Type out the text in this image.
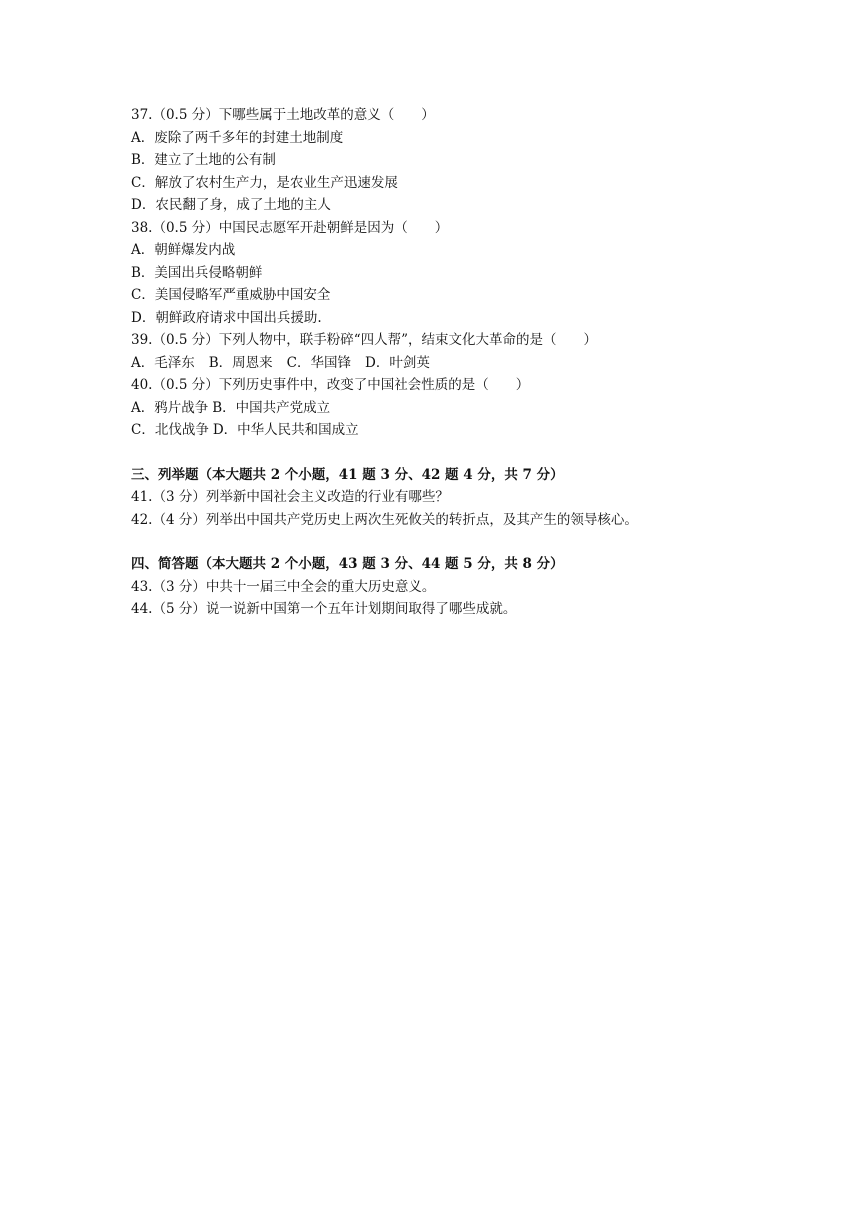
37.（0.5 分）下哪些属于土地改革的意义（　　）
A．废除了两千多年的封建土地制度
B．建立了土地的公有制
C．解放了农村生产力，是农业生产迅速发展
D．农民翻了身，成了土地的主人
38.（0.5 分）中国民志愿军开赴朝鲜是因为（　　）
A．朝鲜爆发内战
B．美国出兵侵略朝鲜
C．美国侵略军严重威胁中国安全
D．朝鲜政府请求中国出兵援助.
39.（0.5 分）下列人物中，联手粉碎“四人帮”，结束文化大革命的是（　　）
A．毛泽东 B．周恩来 C．华国锋 D．叶剑英
40.（0.5 分）下列历史事件中，改变了中国社会性质的是（　　）
A．鸦片战争 B．中国共产党成立
C．北伐战争 D．中华人民共和国成立
三、列举题（本大题共 2 个小题，41 题 3 分、42 题 4 分，共 7 分）
41.（3 分）列举新中国社会主义改造的行业有哪些？
42.（4 分）列举出中国共产党历史上两次生死攸关的转折点，及其产生的领导核心。
四、简答题（本大题共 2 个小题，43 题 3 分、44 题 5 分，共 8 分）
43.（3 分）中共十一届三中全会的重大历史意义。
44.（5 分）说一说新中国第一个五年计划期间取得了哪些成就。
